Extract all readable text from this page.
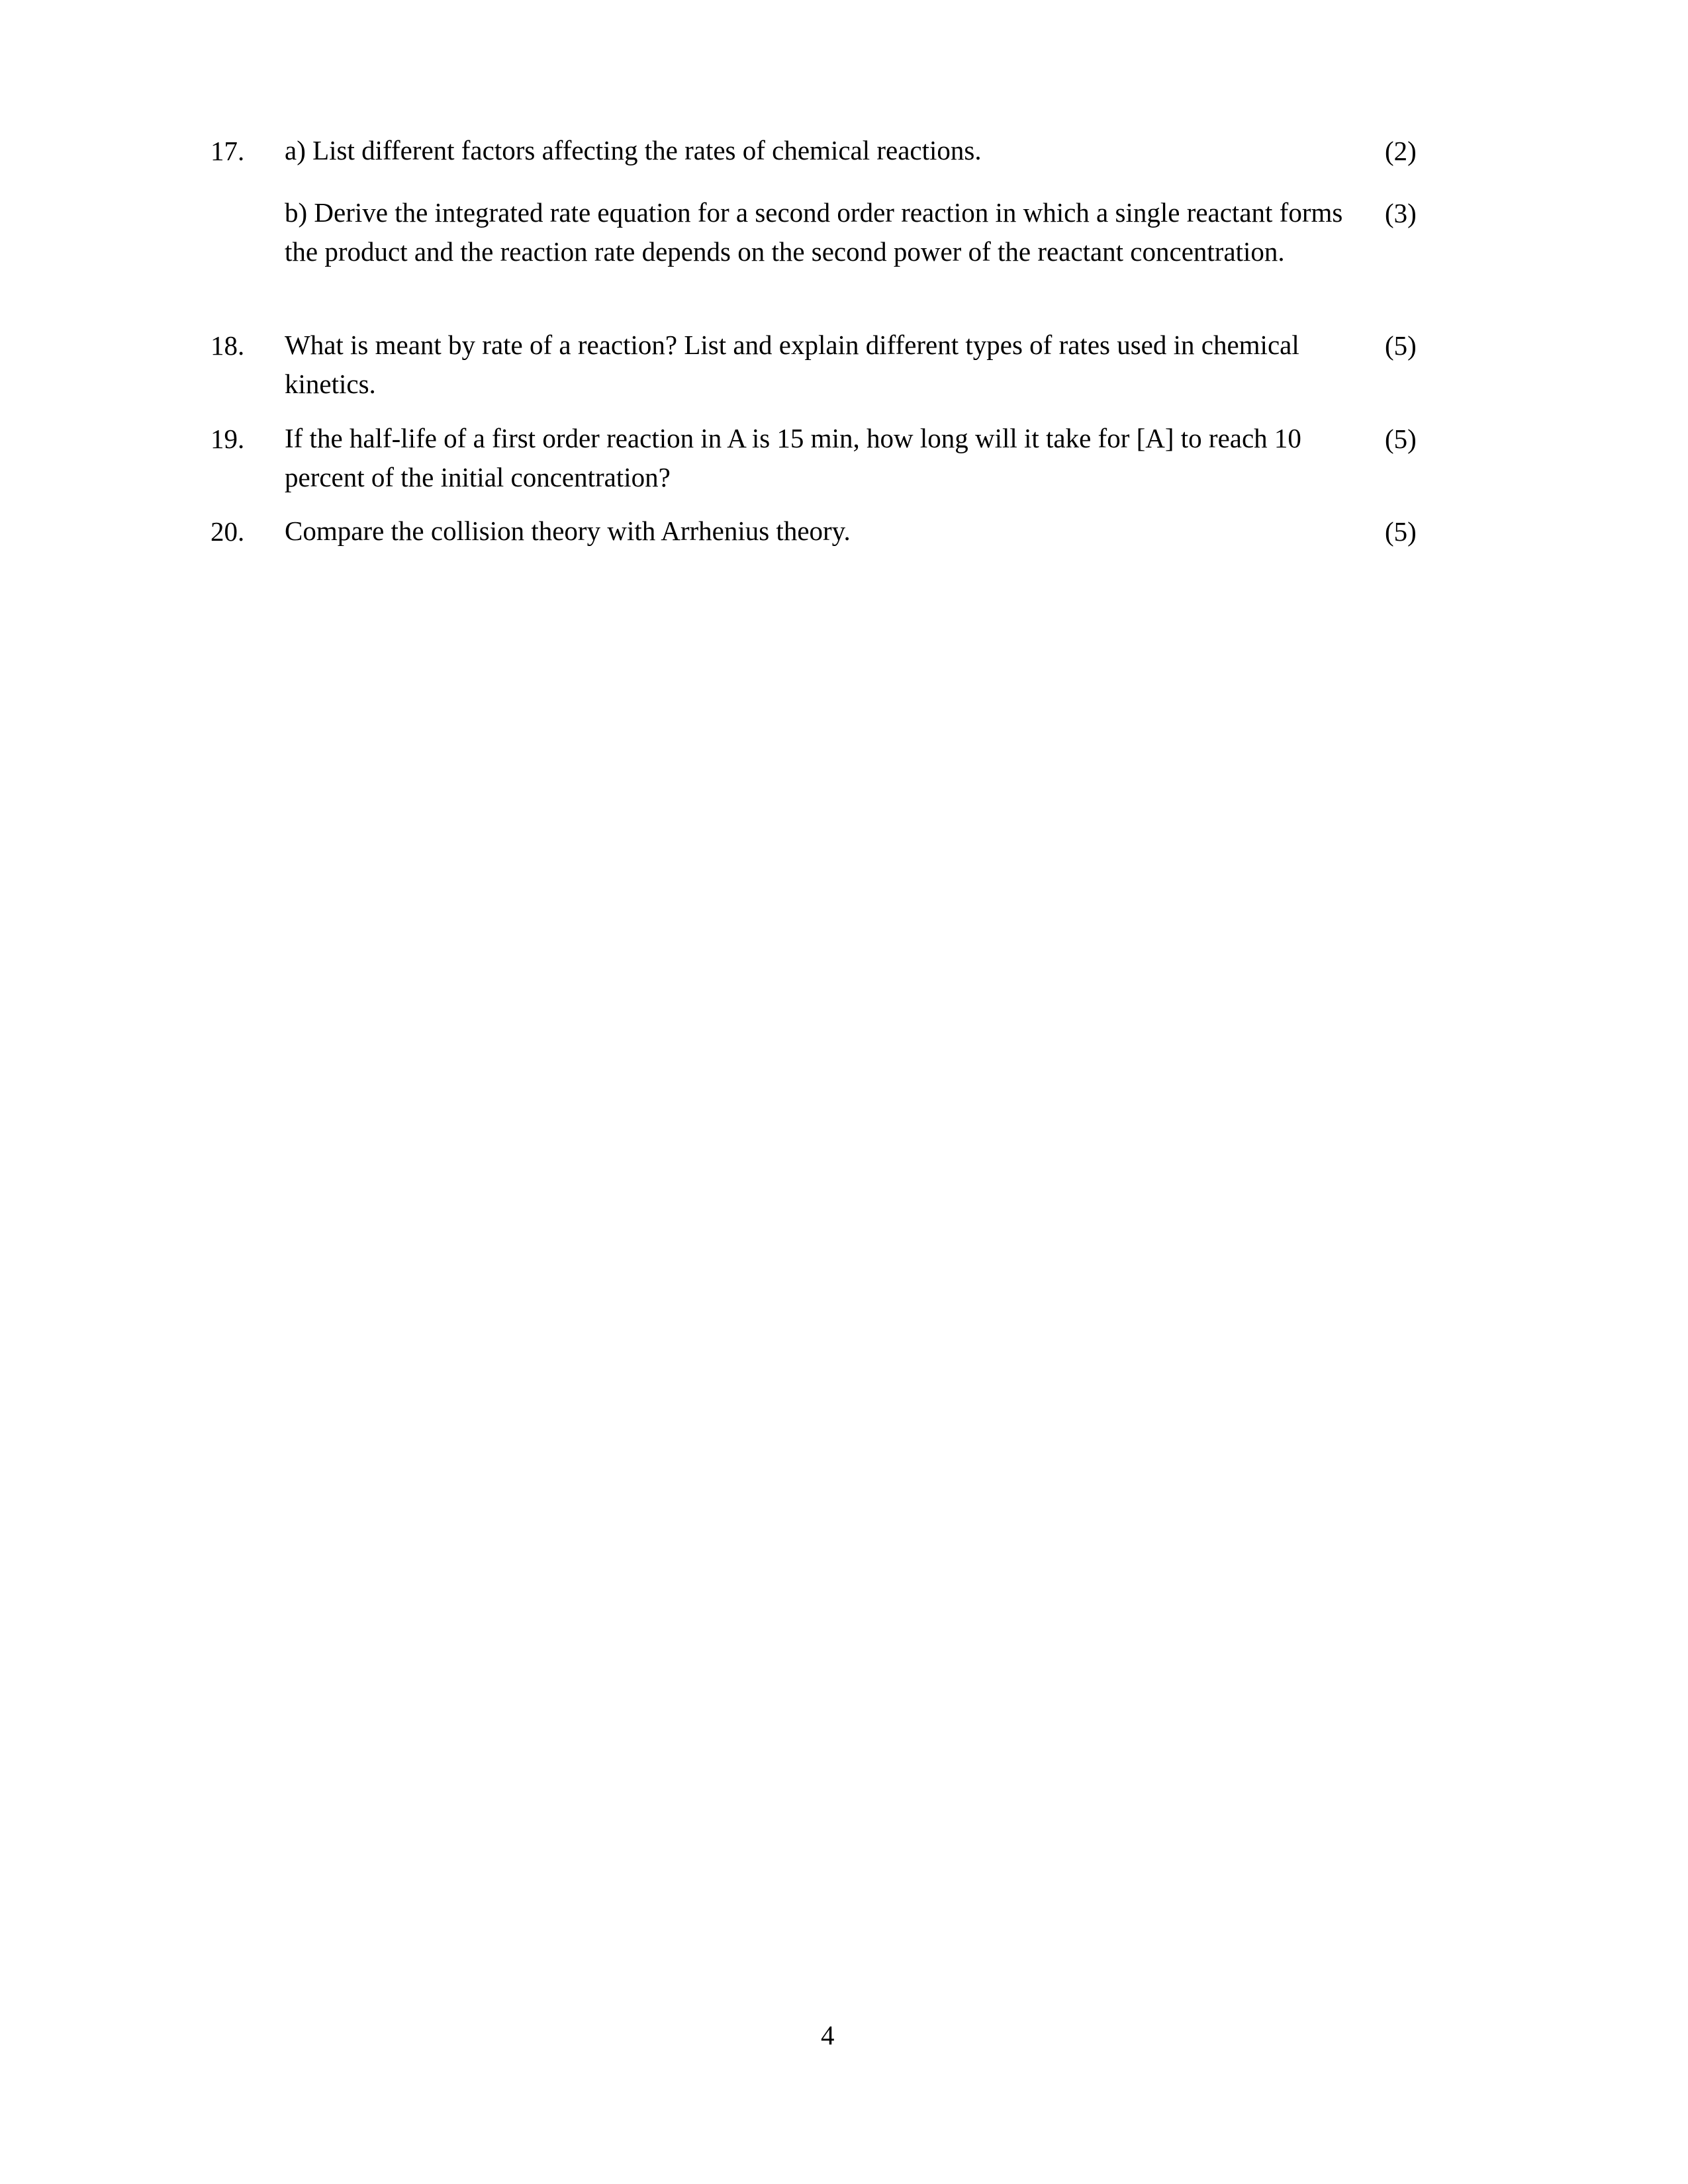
17. a) List different factors affecting the rates of chemical reactions.	(2)
b) Derive the integrated rate equation for a second order reaction in which a single reactant forms the product and the reaction rate depends on the second power of the reactant concentration.
(3)
18. What is meant by rate of a reaction? List and explain different types of rates used in chemical kinetics.
(5)
19. If the half-life of a first order reaction in A is 15 min, how long will it take for [A] to reach 10 percent of the initial concentration?
(5)
20. Compare the collision theory with Arrhenius theory.	(5)
4
